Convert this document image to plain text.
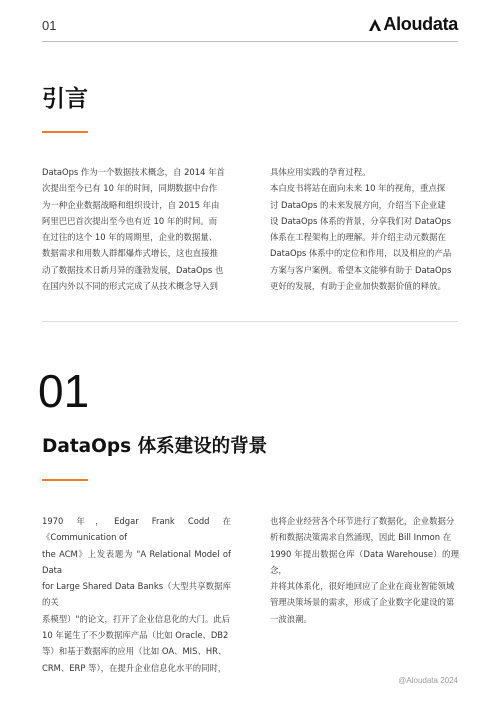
01	Aloudata
引言
DataOps 作为一个数据技术概念，自 2014 年首
次提出至今已有 10 年的时间，同期数据中台作
为一种企业数据战略和组织设计，自 2015 年由
阿里巴巴首次提出至今也有近 10 年的时间。而
在过往的这个 10 年的周期里，企业的数据量、
数据需求和用数人群都爆炸式增长，这也直接推
动了数据技术日新月异的蓬勃发展，DataOps 也
在国内外以不同的形式完成了从技术概念导入到
具体应用实践的孕育过程。
本白皮书将站在面向未来 10 年的视角，重点探
讨 DataOps 的未来发展方向，介绍当下企业建
设 DataOps 体系的背景，分享我们对 DataOps
体系在工程架构上的理解。并介绍主动元数据在
DataOps 体系中的定位和作用，以及相应的产品
方案与客户案例。希望本文能够有助于 DataOps
更好的发展，有助于企业加快数据价值的释放。
01
DataOps 体系建设的背景
1970 年，Edgar Frank Codd 在《Communication of
the ACM》上发表题为 "A Relational Model of Data
for Large Shared Data Banks（大型共享数据库的关
系模型）"的论文，打开了企业信息化的大门。此后
10 年诞生了不少数据库产品（比如 Oracle、DB2
等）和基于数据库的应用（比如 OA、MIS、HR、
CRM、ERP 等），在提升企业信息化水平的同时，
也将企业经营各个环节进行了数据化，企业数据分
析和数据决策需求自然涌现，因此 Bill Inmon 在
1990 年提出数据仓库（Data Warehouse）的理念，
并将其体系化，很好地回应了企业在商业智能领域
管理决策场景的需求，形成了企业数字化建设的第
一波浪潮。
@Aloudata 2024
